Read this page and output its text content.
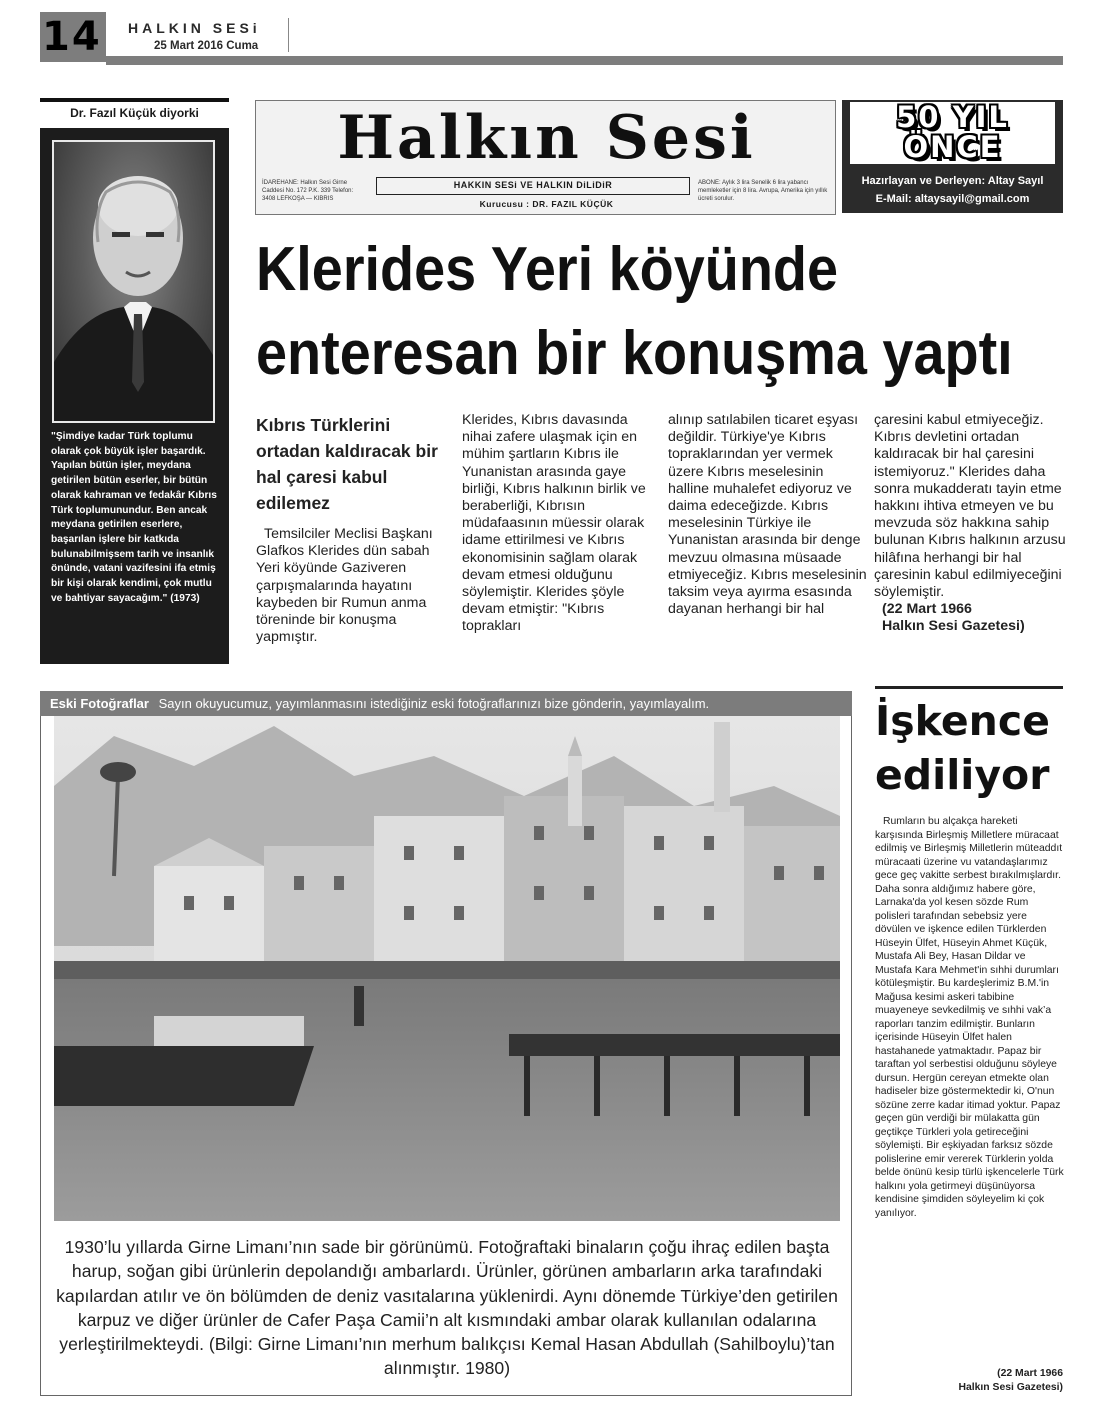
14 HALKIN SESi
25 Mart 2016 Cuma
Dr. Fazıl Küçük diyorki
"Şimdiye kadar Türk toplumu olarak çok büyük işler başardık. Yapılan bütün işler, meydana getirilen bütün eserler, bir bütün olarak kahraman ve fedakâr Kıbrıs Türk toplumunundur. Ben ancak meydana getirilen eserlere, başarılan işlere bir katkıda bulunabilmişsem tarih ve insanlık önünde, vatani vazifesini ifa etmiş bir kişi olarak kendimi, çok mutlu ve bahtiyar sayacağım." (1973)
Halkın Sesi
İDAREHANE: Halkın Sesi Girne Caddesi No. 172 P.K. 339 Telefon: 3408 LEFKOŞA — KIBRIS
HAKKIN SESi VE HALKIN DiLiDiR	ABONE: Aylık 3 lira Senelik 6 lira yabancı memleketler için 8 lira. Avrupa, Amerika için yıllık ücreti sorulur.
Kurucusu : DR. FAZIL KÜÇÜK
50 YIL
ÖNCE
Hazırlayan ve Derleyen: Altay Sayıl
E-Mail: altaysayil@gmail.com
Klerides Yeri köyünde
enteresan bir konuşma yaptı
Kıbrıs Türklerini ortadan kaldıracak bir hal çaresi kabul edilemez
Temsilciler Meclisi Başkanı Glafkos Klerides dün sabah Yeri köyünde Gaziveren çarpışmalarında hayatını kaybeden bir Rumun anma töreninde bir konuşma yapmıştır.
Klerides, Kıbrıs davasında nihai zafere ulaşmak için en mühim şartların Kıbrıs ile Yunanistan arasında gaye birliği, Kıbrıs halkının birlik ve beraberliği, Kıbrısın müdafaasının müessir olarak idame ettirilmesi ve Kıbrıs ekonomisinin sağlam olarak devam etmesi olduğunu söylemiştir. Klerides şöyle devam etmiştir: "Kıbrıs toprakları
alınıp satılabilen ticaret eşyası değildir. Türkiye'ye Kıbrıs topraklarından yer vermek üzere Kıbrıs meselesinin halline muhalefet ediyoruz ve daima edeceğizde. Kıbrıs meselesinin Türkiye ile Yunanistan arasında bir denge mevzuu olmasına müsaade etmiyeceğiz. Kıbrıs meselesinin taksim veya ayırma esasında dayanan herhangi bir hal
çaresini kabul etmiyeceğiz. Kıbrıs devletini ortadan kaldıracak bir hal çaresini istemiyoruz." Klerides daha sonra mukadderatı tayin etme hakkını ihtiva etmeyen ve bu mevzuda söz hakkına sahip bulunan Kıbrıs halkının arzusu hilâfına herhangi bir hal çaresinin kabul edilmiyeceğini söylemiştir.
(22 Mart 1966
Halkın Sesi Gazetesi)
Eski Fotoğraflar Sayın okuyucumuz, yayımlanmasını istediğiniz eski fotoğraflarınızı bize gönderin, yayımlayalım.
1930’lu yıllarda Girne Limanı’nın sade bir görünümü. Fotoğraftaki binaların çoğu ihraç edilen başta harup, soğan gibi ürünlerin depolandığı ambarlardı. Ürünler, görünen ambarların arka tarafındaki kapılardan atılır ve ön bölümden de deniz vasıtalarına yüklenirdi. Aynı dönemde Türkiye’den getirilen karpuz ve diğer ürünler de Cafer Paşa Camii’n alt kısmındaki ambar olarak kullanılan odalarına yerleştirilmekteydi. (Bilgi: Girne Limanı’nın merhum balıkçısı Kemal Hasan Abdullah (Sahilboylu)’tan alınmıştır. 1980)
İşkence
ediliyor
Rumların bu alçakça hareketi karşısında Birleşmiş Milletlere müracaat edilmiş ve Birleşmiş Milletlerin müteaddıt müracaati üzerine vu vatandaşlarımız gece geç vakitte serbest bırakılmışlardır. Daha sonra aldığımız habere göre, Larnaka'da yol kesen sözde Rum polisleri tarafından sebebsiz yere dövülen ve işkence edilen Türklerden Hüseyin Ülfet, Hüseyin Ahmet Küçük, Mustafa Ali Bey, Hasan Dildar ve Mustafa Kara Mehmet'in sıhhi durumları kötüleşmiştir. Bu kardeşlerimiz B.M.'in Mağusa kesimi askeri tabibine muayeneye sevkedilmiş ve sıhhi vak’a raporları tanzim edilmiştir. Bunların içerisinde Hüseyin Ülfet halen hastahanede yatmaktadır. Papaz bir taraftan yol serbestisi olduğunu söyleye dursun. Hergün cereyan etmekte olan hadiseler bize göstermektedir ki, O'nun sözüne zerre kadar itimad yoktur. Papaz geçen gün verdiği bir mülakatta gün geçtikçe Türkleri yola getireceğini söylemişti. Bir eşkiyadan farksız sözde polislerine emir vererek Türklerin yolda belde önünü kesip türlü işkencelerle Türk halkını yola getirmeyi düşünüyorsa kendisine şimdiden söyleyelim ki çok yanılıyor.
(22 Mart 1966
Halkın Sesi Gazetesi)
